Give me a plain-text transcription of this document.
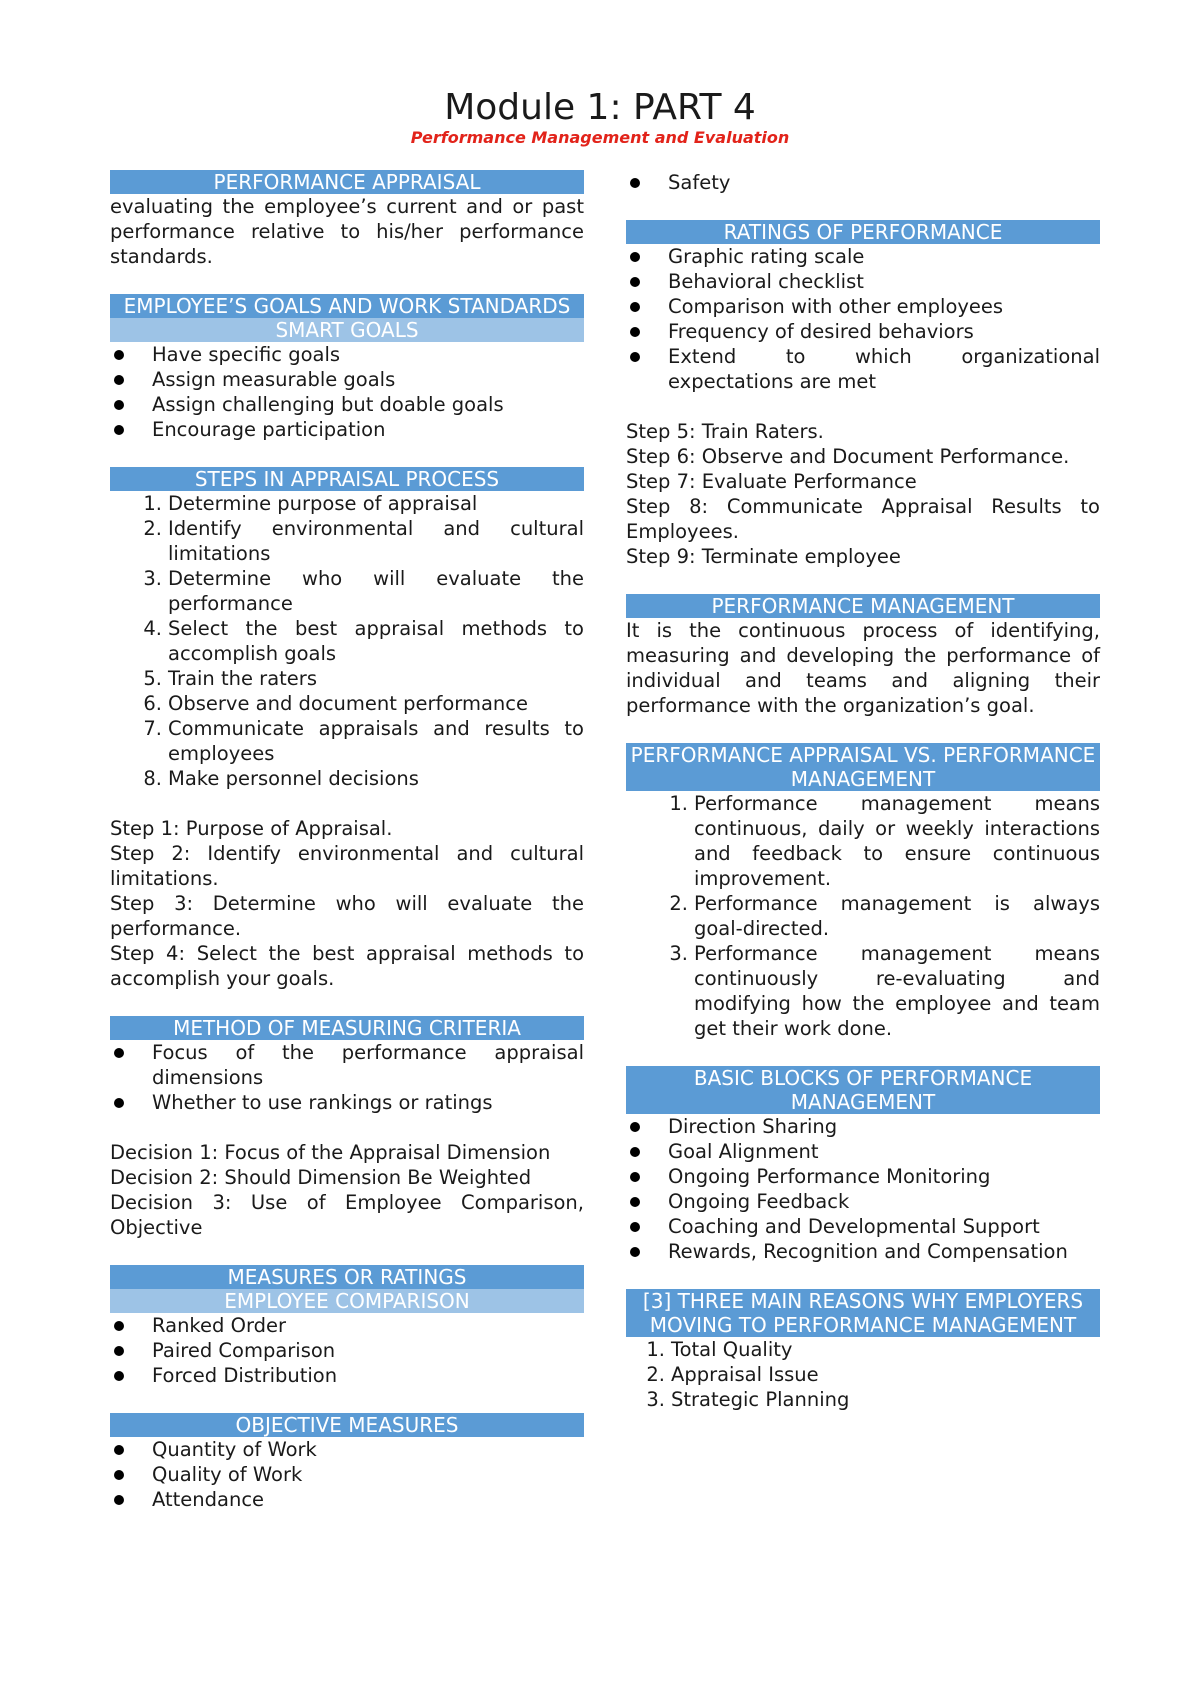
Module 1: PART 4
Performance Management and Evaluation
PERFORMANCE APPRAISAL

evaluating the employee’s current and or past performance relative to his/her performance standards.

EMPLOYEE’S GOALS AND WORK STANDARDS
SMART GOALS
Have specific goals
Assign measurable goals
Assign challenging but doable goals
Encourage participation
STEPS IN APPRAISAL PROCESS
1. Determine purpose of appraisal
2. Identify environmental and cultural limitations
3. Determine who will evaluate the performance
4. Select the best appraisal methods to accomplish goals
5. Train the raters
6. Observe and document performance
7. Communicate appraisals and results to employees
8. Make personnel decisions

Step 1: Purpose of Appraisal.

Step 2: Identify environmental and cultural limitations.

Step 3: Determine who will evaluate the performance.

Step 4: Select the best appraisal methods to accomplish your goals.

METHOD OF MEASURING CRITERIA
Focus of the performance appraisal dimensions
Whether to use rankings or ratings

Decision 1: Focus of the Appraisal Dimension

Decision 2: Should Dimension Be Weighted

Decision 3: Use of Employee Comparison, Objective

MEASURES OR RATINGS
EMPLOYEE COMPARISON
Ranked Order
Paired Comparison
Forced Distribution
OBJECTIVE MEASURES
Quantity of Work
Quality of Work
Attendance
Safety
RATINGS OF PERFORMANCE
Graphic rating scale
Behavioral checklist
Comparison with other employees
Frequency of desired behaviors
Extend to which organizational expectations are met

Step 5: Train Raters.

Step 6: Observe and Document Performance.

Step 7: Evaluate Performance

Step 8: Communicate Appraisal Results to Employees.

Step 9: Terminate employee

PERFORMANCE MANAGEMENT

It is the continuous process of identifying, measuring and developing the performance of individual and teams and aligning their performance with the organization’s goal.

PERFORMANCE APPRAISAL VS. PERFORMANCE MANAGEMENT
1. Performance management means continuous, daily or weekly interactions and feedback to ensure continuous improvement.
2. Performance management is always goal-directed.
3. Performance management means continuously re-evaluating and modifying how the employee and team get their work done.
BASIC BLOCKS OF PERFORMANCE MANAGEMENT
Direction Sharing
Goal Alignment
Ongoing Performance Monitoring
Ongoing Feedback
Coaching and Developmental Support
Rewards, Recognition and Compensation
[3] THREE MAIN REASONS WHY EMPLOYERS MOVING TO PERFORMANCE MANAGEMENT
1. Total Quality
2. Appraisal Issue
3. Strategic Planning
